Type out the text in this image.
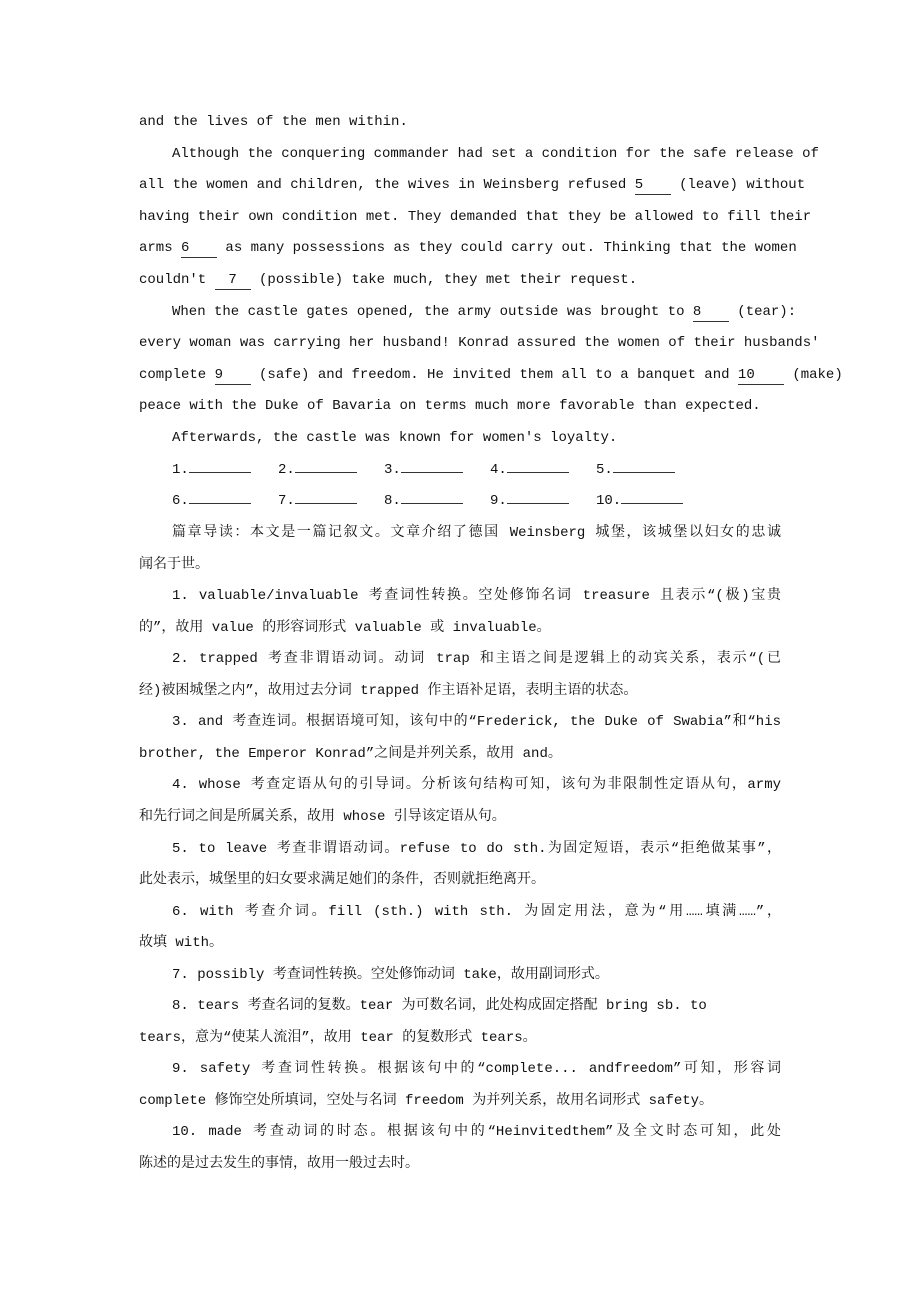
and the lives of the men within.
Although the conquering commander had set a condition for the safe release of
all the women and children, the wives in Weinsberg refused 5	(leave) without
having their own condition met. They demanded that they be allowed to fill their
arms 6	as many possessions as they could carry out. Thinking that the women
couldn't 7 (possible) take much, they met their request.
When the castle gates opened, the army outside was brought to 8	(tear):
every woman was carrying her husband! Konrad assured the women of their husbands'
complete 9	(safe) and freedom. He invited them all to a banquet and 10	(make)
peace with the Duke of Bavaria on terms much more favorable than expected.
Afterwards, the castle was known for women's loyalty.
1.	2.	3.	4.	5.
6.	7.	8.	9.	10.
篇章导读：本文是一篇记叙文。文章介绍了德国 Weinsberg 城堡，该城堡以妇女的忠诚
闻名于世。
1. valuable/invaluable 考查词性转换。空处修饰名词 treasure 且表示“(极)宝贵
的”，故用 value 的形容词形式 valuable 或 invaluable。
2. trapped 考查非谓语动词。动词 trap 和主语之间是逻辑上的动宾关系，表示“(已
经)被困城堡之内”，故用过去分词 trapped 作主语补足语，表明主语的状态。
3. and 考查连词。根据语境可知，该句中的“Frederick, the Duke of Swabia”和“his
brother, the Emperor Konrad”之间是并列关系，故用 and。
4. whose 考查定语从句的引导词。分析该句结构可知，该句为非限制性定语从句，army
和先行词之间是所属关系，故用 whose 引导该定语从句。
5. to leave 考查非谓语动词。refuse to do sth.为固定短语，表示“拒绝做某事”，
此处表示，城堡里的妇女要求满足她们的条件，否则就拒绝离开。
6. with 考查介词。fill (sth.) with sth. 为固定用法，意为“用……填满……”，
故填 with。
7. possibly 考查词性转换。空处修饰动词 take，故用副词形式。
8. tears 考查名词的复数。tear 为可数名词，此处构成固定搭配 bring sb. to
tears，意为“使某人流泪”，故用 tear 的复数形式 tears。
9. safety 考查词性转换。根据该句中的“complete... andfreedom”可知，形容词
complete 修饰空处所填词，空处与名词 freedom 为并列关系，故用名词形式 safety。
10. made 考查动词的时态。根据该句中的“Heinvitedthem”及全文时态可知，此处
陈述的是过去发生的事情，故用一般过去时。
